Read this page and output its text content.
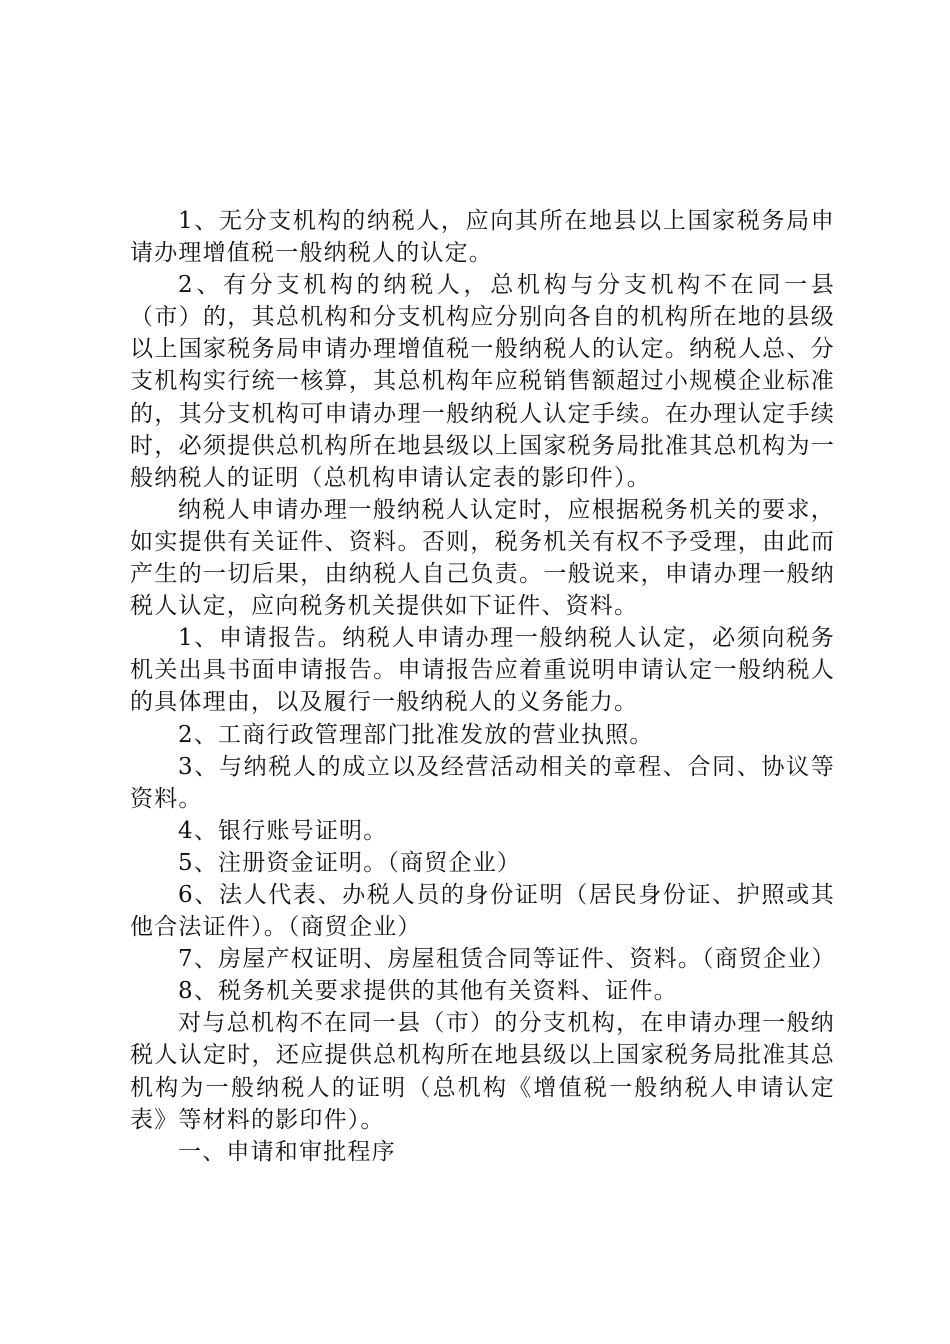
1、无分支机构的纳税人，应向其所在地县以上国家税务局申请办理增值税一般纳税人的认定。

2、有分支机构的纳税人，总机构与分支机构不在同一县（市）的，其总机构和分支机构应分别向各自的机构所在地的县级以上国家税务局申请办理增值税一般纳税人的认定。纳税人总、分支机构实行统一核算，其总机构年应税销售额超过小规模企业标准的，其分支机构可申请办理一般纳税人认定手续。在办理认定手续时，必须提供总机构所在地县级以上国家税务局批准其总机构为一般纳税人的证明（总机构申请认定表的影印件）。

纳税人申请办理一般纳税人认定时，应根据税务机关的要求，如实提供有关证件、资料。否则，税务机关有权不予受理，由此而产生的一切后果，由纳税人自己负责。一般说来，申请办理一般纳税人认定，应向税务机关提供如下证件、资料。

1、申请报告。纳税人申请办理一般纳税人认定，必须向税务机关出具书面申请报告。申请报告应着重说明申请认定一般纳税人的具体理由，以及履行一般纳税人的义务能力。

2、工商行政管理部门批准发放的营业执照。

3、与纳税人的成立以及经营活动相关的章程、合同、协议等资料。

4、银行账号证明。

5、注册资金证明。（商贸企业）

6、法人代表、办税人员的身份证明（居民身份证、护照或其他合法证件）。（商贸企业）

7、房屋产权证明、房屋租赁合同等证件、资料。（商贸企业）

8、税务机关要求提供的其他有关资料、证件。

对与总机构不在同一县（市）的分支机构，在申请办理一般纳税人认定时，还应提供总机构所在地县级以上国家税务局批准其总机构为一般纳税人的证明（总机构《增值税一般纳税人申请认定表》等材料的影印件）。

一、申请和审批程序
